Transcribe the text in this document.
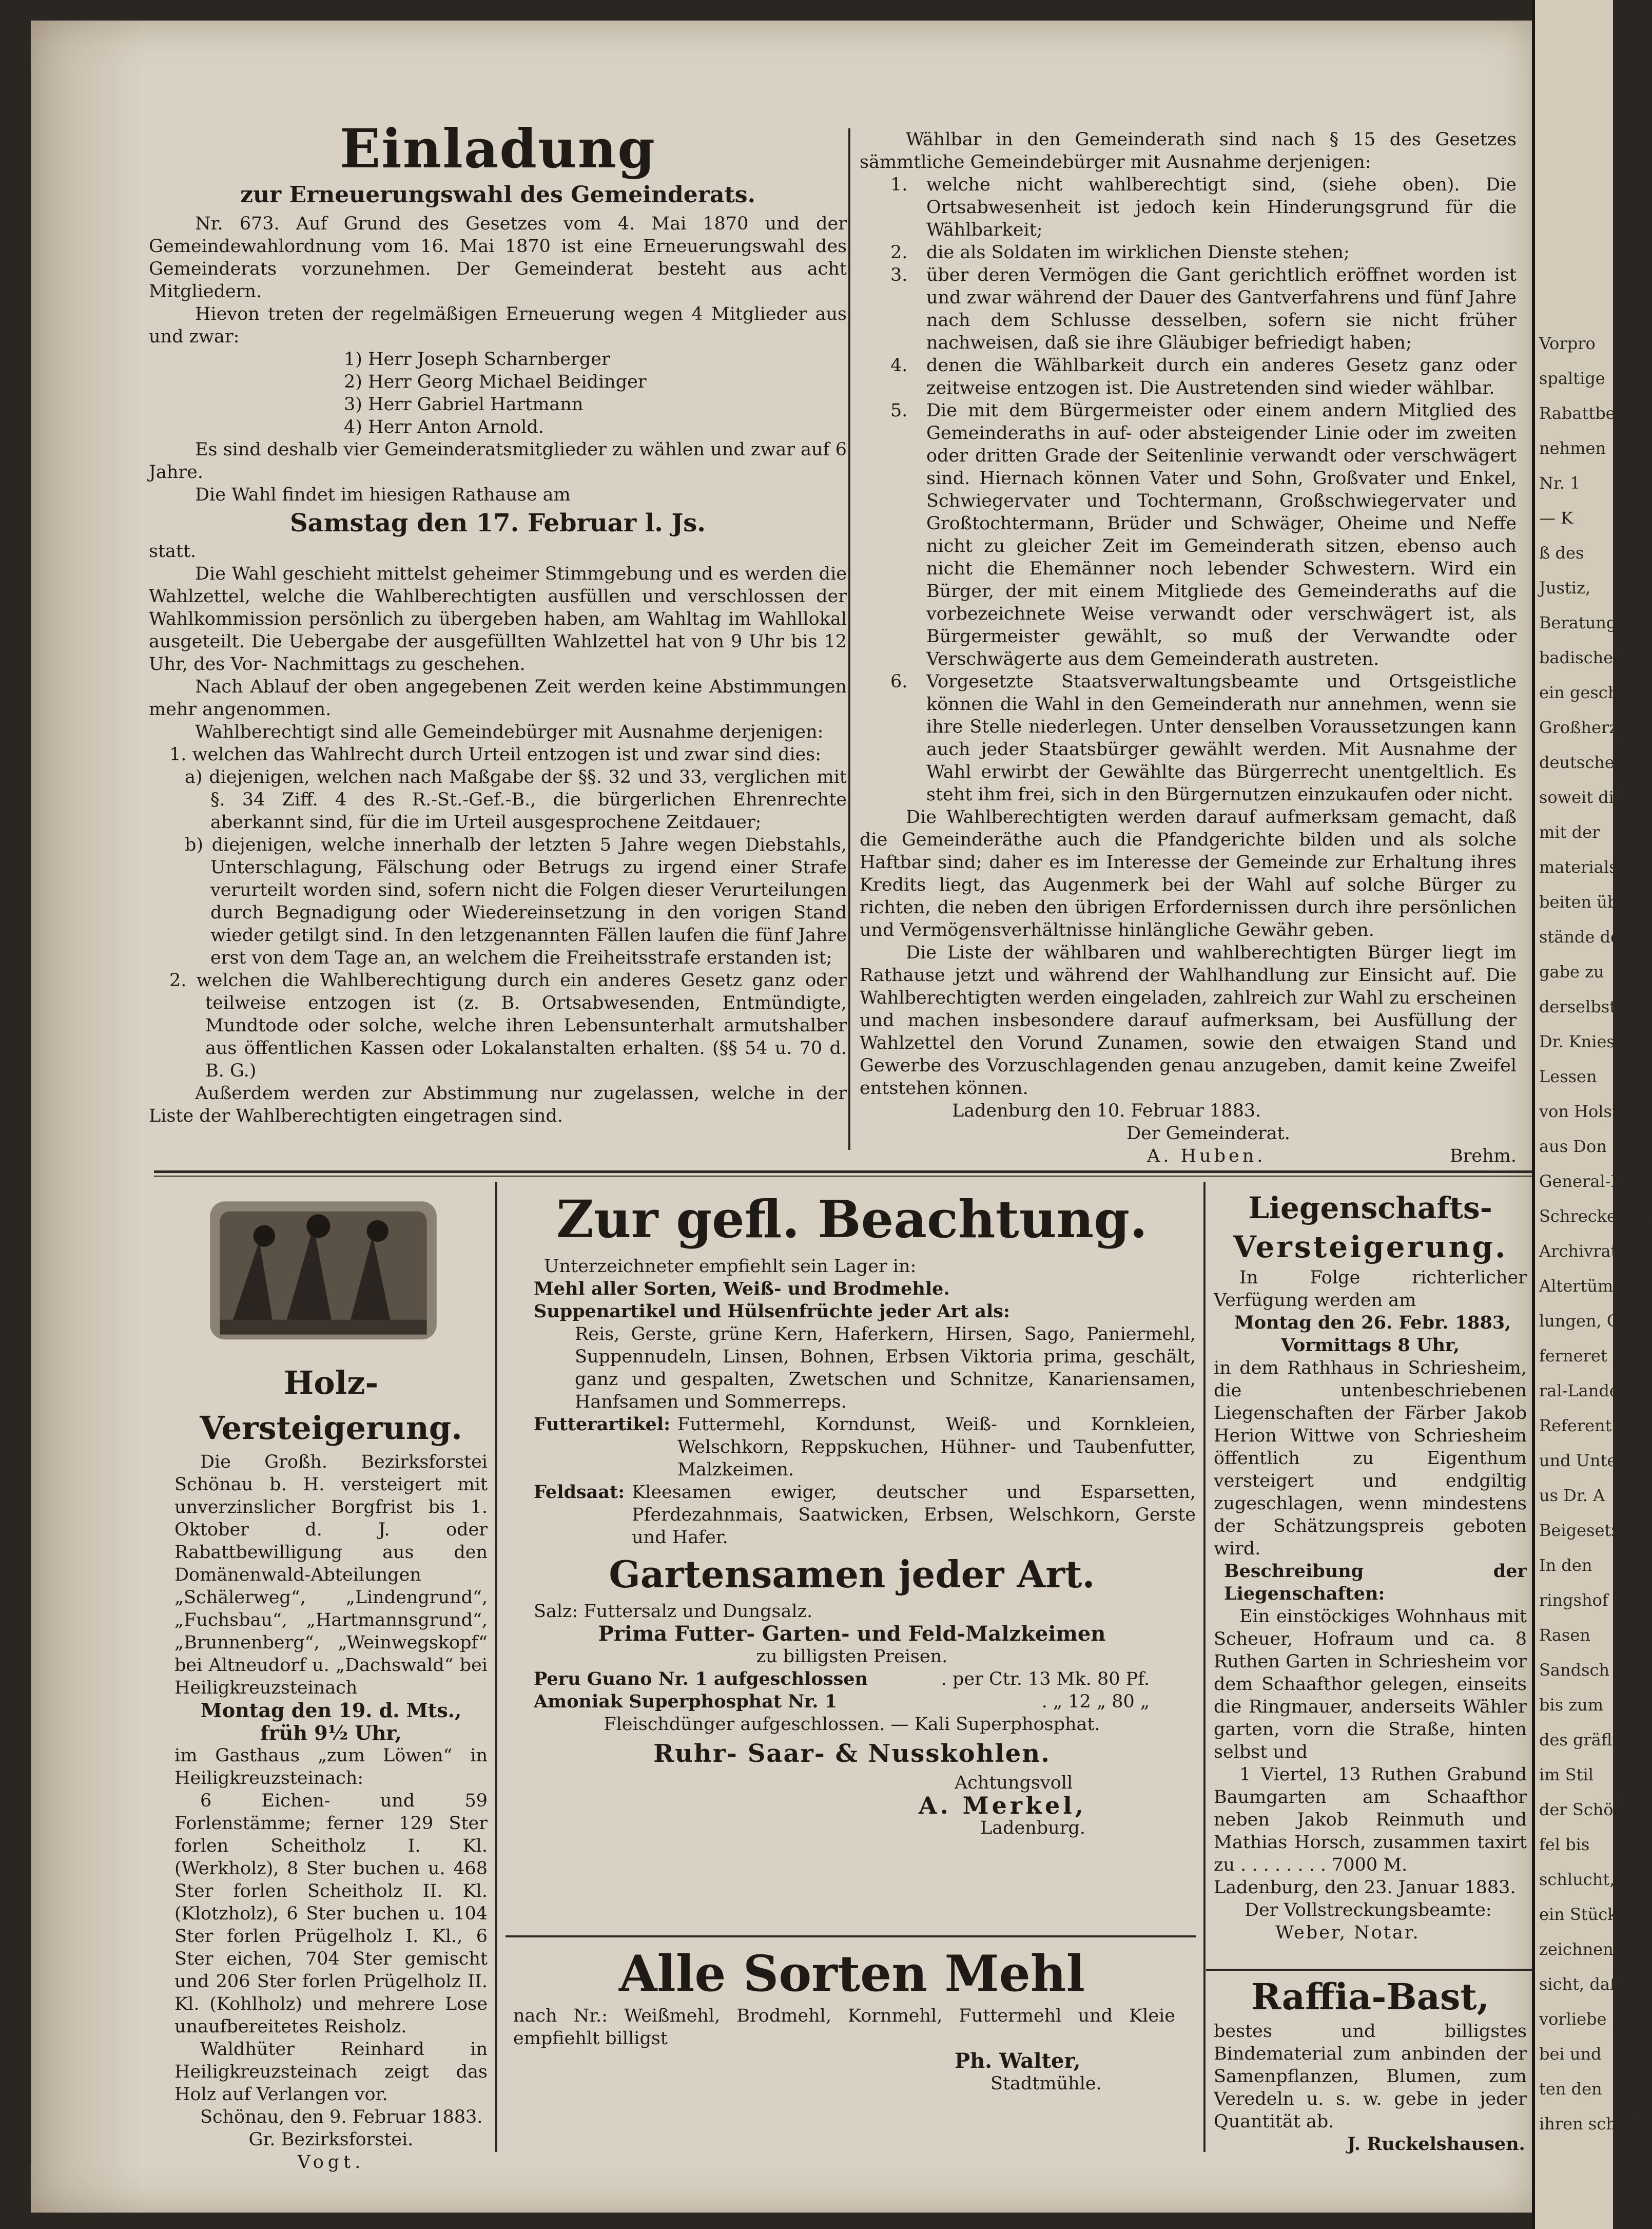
Einladung

zur Erneuerungswahl des Gemeinderats.

Nr. 673. Auf Grund des Gesetzes vom 4. Mai 1870 und der Gemeindewahlordnung vom 16. Mai 1870 ist eine Erneuerungswahl des Gemeinderats vorzunehmen. Der Gemeinderat besteht aus acht Mitgliedern.

Hievon treten der regelmäßigen Erneuerung wegen 4 Mitglieder aus und zwar:

1) Herr Joseph Scharnberger

2) Herr Georg Michael Beidinger

3) Herr Gabriel Hartmann

4) Herr Anton Arnold.

Es sind deshalb vier Gemeinderatsmitglieder zu wählen und zwar auf 6 Jahre.

Die Wahl findet im hiesigen Rathause am

Samstag den 17. Februar l. Js.

statt.

Die Wahl geschieht mittelst geheimer Stimmgebung und es werden die Wahlzettel, welche die Wahlberechtigten ausfüllen und verschlossen der Wahlkommission persönlich zu übergeben haben, am Wahltag im Wahllokal ausgeteilt. Die Uebergabe der ausgefüllten Wahlzettel hat von 9 Uhr bis 12 Uhr, des Vor- Nachmittags zu geschehen.

Nach Ablauf der oben angegebenen Zeit werden keine Abstimmungen mehr angenommen.

Wahlberechtigt sind alle Gemeindebürger mit Ausnahme derjenigen:

1. welchen das Wahlrecht durch Urteil entzogen ist und zwar sind dies:

a) diejenigen, welchen nach Maßgabe der §§. 32 und 33, verglichen mit §. 34 Ziff. 4 des R.-St.-Gef.-B., die bürgerlichen Ehrenrechte aberkannt sind, für die im Urteil ausgesprochene Zeitdauer;

b) diejenigen, welche innerhalb der letzten 5 Jahre wegen Diebstahls, Unterschlagung, Fälschung oder Betrugs zu irgend einer Strafe verurteilt worden sind, sofern nicht die Folgen dieser Verurteilungen durch Begnadigung oder Wiedereinsetzung in den vorigen Stand wieder getilgt sind. In den letzgenannten Fällen laufen die fünf Jahre erst von dem Tage an, an welchem die Freiheitsstrafe erstanden ist;

2. welchen die Wahlberechtigung durch ein anderes Gesetz ganz oder teilweise entzogen ist (z. B. Ortsabwesenden, Entmündigte, Mundtode oder solche, welche ihren Lebensunterhalt armutshalber aus öffentlichen Kassen oder Lokalanstalten erhalten. (§§ 54 u. 70 d. B. G.)

Außerdem werden zur Abstimmung nur zugelassen, welche in der Liste der Wahlberechtigten eingetragen sind.

Wählbar in den Gemeinderath sind nach § 15 des Gesetzes sämmtliche Gemeindebürger mit Ausnahme derjenigen:

1.	welche nicht wahlberechtigt sind, (siehe oben). Die Ortsabwesenheit ist jedoch kein Hinderungsgrund für die Wählbarkeit;

2.	die als Soldaten im wirklichen Dienste stehen;

3.	über deren Vermögen die Gant gerichtlich eröffnet worden ist und zwar während der Dauer des Gantverfahrens und fünf Jahre nach dem Schlusse desselben, sofern sie nicht früher nachweisen, daß sie ihre Gläubiger befriedigt haben;

4.	denen die Wählbarkeit durch ein anderes Gesetz ganz oder zeitweise entzogen ist. Die Austretenden sind wieder wählbar.

5.	Die mit dem Bürgermeister oder einem andern Mitglied des Gemeinderaths in auf- oder absteigender Linie oder im zweiten oder dritten Grade der Seitenlinie verwandt oder verschwägert sind. Hiernach können Vater und Sohn, Großvater und Enkel, Schwiegervater und Tochtermann, Großschwiegervater und Großtochtermann, Brüder und Schwäger, Oheime und Neffe nicht zu gleicher Zeit im Gemeinderath sitzen, ebenso auch nicht die Ehemänner noch lebender Schwestern. Wird ein Bürger, der mit einem Mitgliede des Gemeinderaths auf die vorbezeichnete Weise verwandt oder verschwägert ist, als Bürgermeister gewählt, so muß der Verwandte oder Verschwägerte aus dem Gemeinderath austreten.

6.	Vorgesetzte Staatsverwaltungsbeamte und Ortsgeistliche können die Wahl in den Gemeinderath nur annehmen, wenn sie ihre Stelle niederlegen. Unter denselben Voraussetzungen kann auch jeder Staatsbürger gewählt werden. Mit Ausnahme der Wahl erwirbt der Gewählte das Bürgerrecht unentgeltlich. Es steht ihm frei, sich in den Bürgernutzen einzukaufen oder nicht.

Die Wahlberechtigten werden darauf aufmerksam gemacht, daß die Gemeinderäthe auch die Pfandgerichte bilden und als solche Haftbar sind; daher es im Interesse der Gemeinde zur Erhaltung ihres Kredits liegt, das Augenmerk bei der Wahl auf solche Bürger zu richten, die neben den übrigen Erfordernissen durch ihre persönlichen und Vermögensverhältnisse hinlängliche Gewähr geben.

Die Liste der wählbaren und wahlberechtigten Bürger liegt im Rathause jetzt und während der Wahlhandlung zur Einsicht auf. Die Wahlberechtigten werden eingeladen, zahlreich zur Wahl zu erscheinen und machen insbesondere darauf aufmerksam, bei Ausfüllung der Wahlzettel den Vorund Zunamen, sowie den etwaigen Stand und Gewerbe des Vorzuschlagenden genau anzugeben, damit keine Zweifel entstehen können.

Ladenburg den 10. Februar 1883.

Der Gemeinderat.

A. Huben.	Brehm.
Holz-Versteigerung.

Die Großh. Bezirksforstei Schönau b. H. versteigert mit unverzinslicher Borgfrist bis 1. Oktober d. J. oder Rabattbewilligung aus den Domänenwald-Abteilungen „Schälerweg“, „Lindengrund“, „Fuchsbau“, „Hartmannsgrund“, „Brunnenberg“, „Weinwegskopf“ bei Altneudorf u. „Dachswald“ bei Heiligkreuzsteinach

Montag den 19. d. Mts., früh 9½ Uhr,

im Gasthaus „zum Löwen“ in Heiligkreuzsteinach:

6 Eichen- und 59 Forlenstämme; ferner 129 Ster forlen Scheitholz I. Kl. (Werkholz), 8 Ster buchen u. 468 Ster forlen Scheitholz II. Kl. (Klotzholz), 6 Ster buchen u. 104 Ster forlen Prügelholz I. Kl., 6 Ster eichen, 704 Ster gemischt und 206 Ster forlen Prügelholz II. Kl. (Kohlholz) und mehrere Lose unaufbereitetes Reisholz.

Waldhüter Reinhard in Heiligkreuzsteinach zeigt das Holz auf Verlangen vor.

Schönau, den 9. Februar 1883.

Gr. Bezirksforstei.

Vogt.

Zur gefl. Beachtung.

Unterzeichneter empfiehlt sein Lager in:

Mehl aller Sorten, Weiß- und Brodmehle.

Suppenartikel und Hülsenfrüchte jeder Art als:

Reis, Gerste, grüne Kern, Haferkern, Hirsen, Sago, Paniermehl, Suppennudeln, Linsen, Bohnen, Erbsen Viktoria prima, geschält, ganz und gespalten, Zwetschen und Schnitze, Kanariensamen, Hanfsamen und Sommerreps.

Futterartikel: Futtermehl, Korndunst, Weiß- und Kornkleien, Welschkorn, Reppskuchen, Hühner- und Taubenfutter, Malzkeimen.

Feldsaat: Kleesamen ewiger, deutscher und Esparsetten, Pferdezahnmais, Saatwicken, Erbsen, Welschkorn, Gerste und Hafer.

Gartensamen jeder Art.

Salz: Futtersalz und Dungsalz.

Prima Futter- Garten- und Feld-Malzkeimen

zu billigsten Preisen.

Peru Guano Nr. 1 aufgeschlossen	. per Ctr. 13 Mk. 80 Pf.
Amoniak Superphosphat Nr. 1	. „ 12 „ 80 „

Fleischdünger aufgeschlossen. — Kali Superphosphat.

Ruhr- Saar- & Nusskohlen.

Achtungsvoll

A. Merkel,

Ladenburg.

Alle Sorten Mehl

nach Nr.: Weißmehl, Brodmehl, Kornmehl, Futtermehl und Kleie empfiehlt billigst

Ph. Walter,

Stadtmühle.

Liegenschafts-
Versteigerung.

In Folge richterlicher Verfügung werden am

Montag den 26. Febr. 1883,

Vormittags 8 Uhr,

in dem Rathhaus in Schriesheim, die untenbeschriebenen Liegenschaften der Färber Jakob Herion Wittwe von Schriesheim öffentlich zu Eigenthum versteigert und endgiltig zugeschlagen, wenn mindestens der Schätzungspreis geboten wird.

Beschreibung der Liegenschaften:

Ein einstöckiges Wohnhaus mit Scheuer, Hofraum und ca. 8 Ruthen Garten in Schriesheim vor dem Schaafthor gelegen, einseits die Ringmauer, anderseits Wähler garten, vorn die Straße, hinten selbst und

1 Viertel, 13 Ruthen Grabund Baumgarten am Schaafthor neben Jakob Reinmuth und Mathias Horsch, zusammen taxirt zu . . . . . . . . 7000 M.

Ladenburg, den 23. Januar 1883.

Der Vollstreckungsbeamte:

Weber, Notar.

Raffia-Bast,

bestes und billigstes Bindematerial zum anbinden der Samenpflanzen, Blumen, zum Veredeln u. s. w. gebe in jeder Quantität ab.

J. Ruckelshausen.

Vorpro
spaltige
Rabattbe
nehmen
Nr. 1
— K
ß des
Justiz,
Beratung
badischen
ein gesch
Großherzog
deutschen
soweit di
mit der
materials
beiten übe
stände des
gabe zu
derselbst
Dr. Knies
Lessen
von Holst,
aus Don
General-La
Schreckensta
Archivrat
Altertümer
lungen, Ge
ferneret M
ral-Landes
Referent
und Unterr
us Dr. A
Beigesetzt
In den
ringshof
Rasen
Sandsch
bis zum
des gräflich
im Stil
der Schönhe
fel bis
schlucht, die
ein Stück
zeichnen,
sicht, daß
vorliebe
bei und
ten den
ihren schwe
